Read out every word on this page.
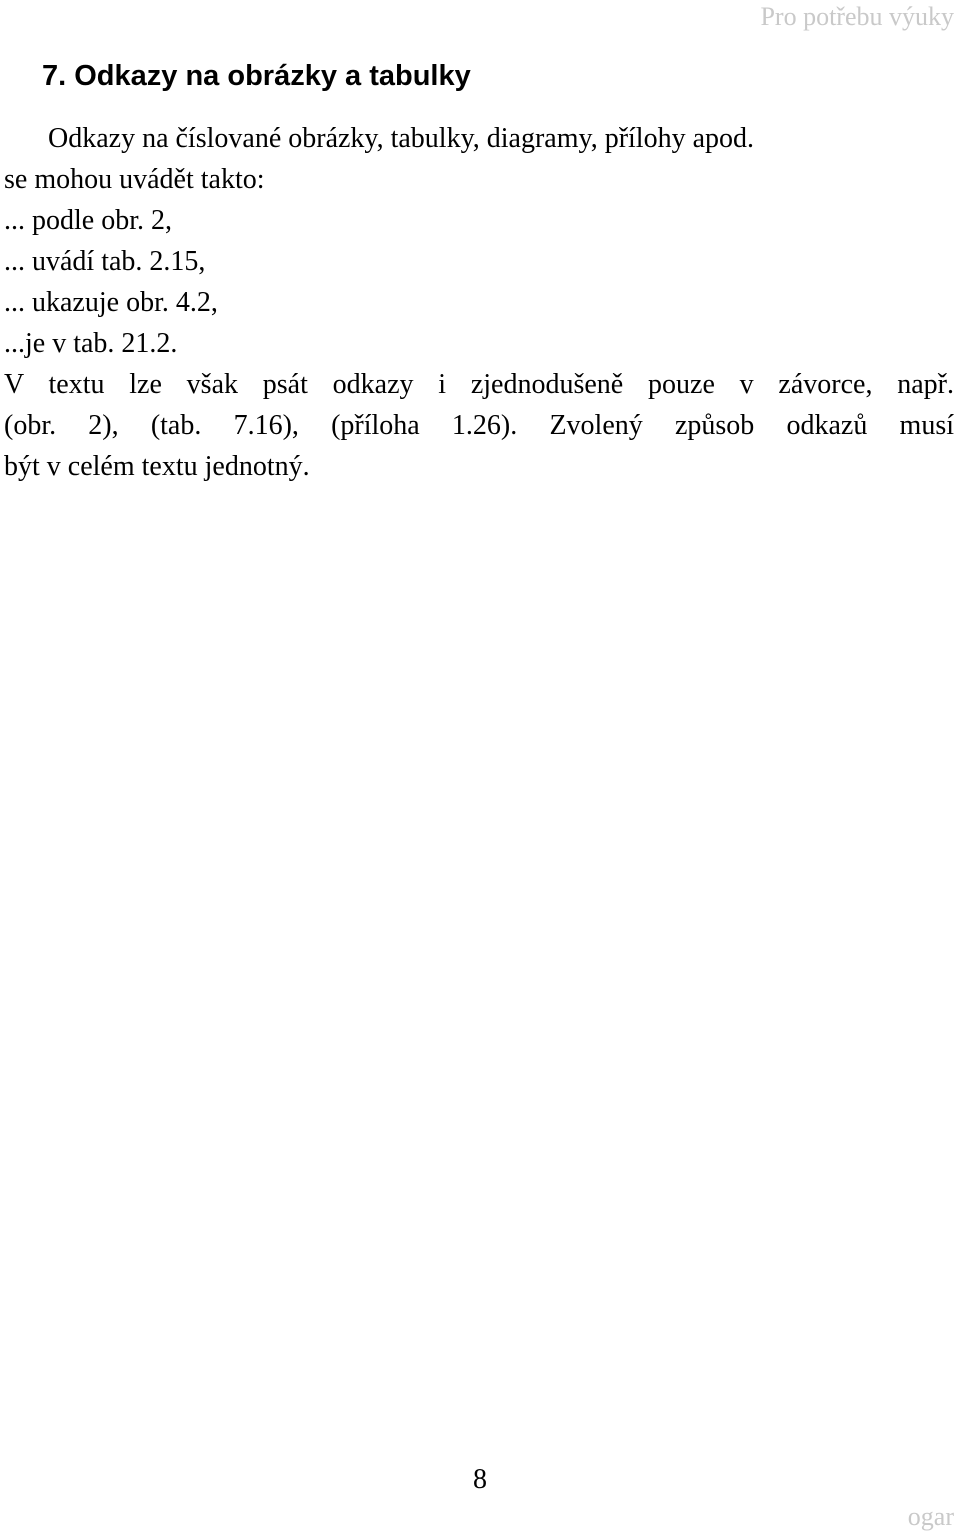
Pro potřebu výuky
7. Odkazy na obrázky a tabulky
Odkazy na číslované obrázky, tabulky, diagramy, přílohy apod.
se mohou uvádět takto:
... podle obr. 2,
... uvádí tab. 2.15,
... ukazuje obr. 4.2,
...je v tab. 21.2.
V textu lze však psát odkazy i zjednodušeně pouze v závorce, např.
(obr. 2), (tab. 7.16), (příloha 1.26). Zvolený způsob odkazů musí
být v celém textu jednotný.
8
ogar
